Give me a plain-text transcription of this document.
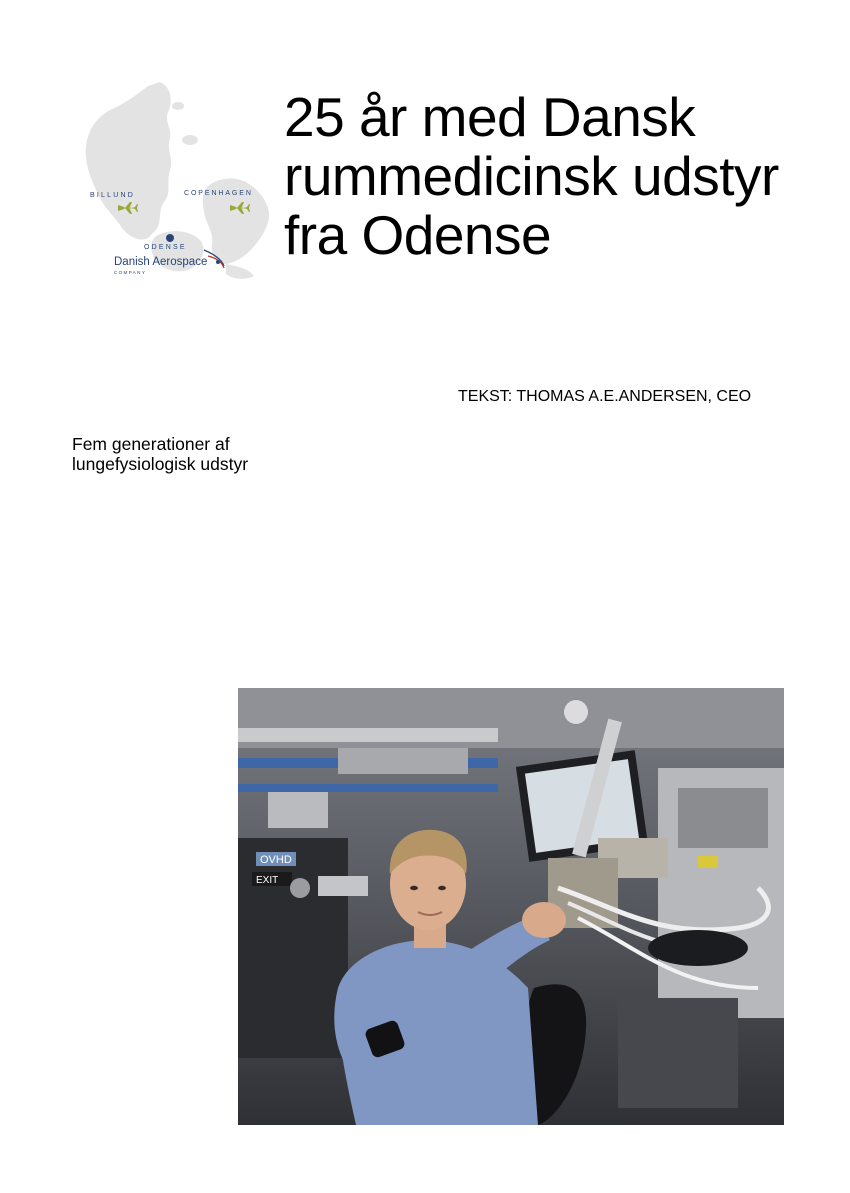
BILLUND	COPENHAGEN
ODENSE
Danish Aerospace
COMPANY
25 år med Dansk
rummedicinsk udstyr
fra Odense
TEKST: THOMAS A.E.ANDERSEN, CEO
Fem generationer af
lungefysiologisk udstyr
OVHD
EXIT
